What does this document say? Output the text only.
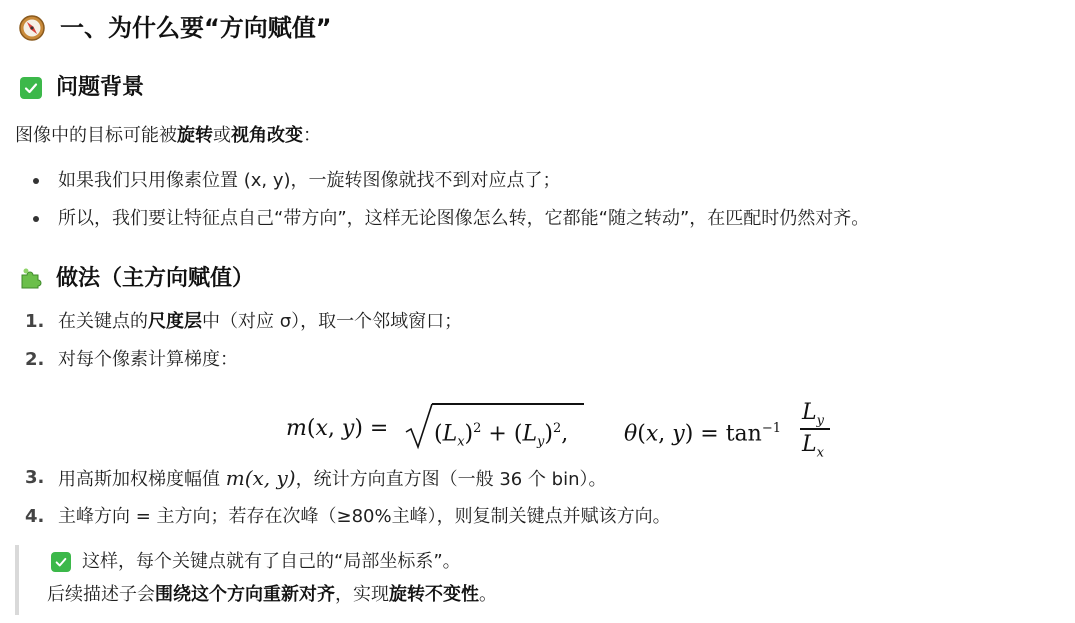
一、为什么要“方向赋值”
问题背景
图像中的目标可能被旋转或视角改变：
如果我们只用像素位置 (x, y)，一旋转图像就找不到对应点了；
所以，我们要让特征点自己“带方向”，这样无论图像怎么转，它都能“随之转动”，在匹配时仍然对齐。
做法（主方向赋值）
1. 在关键点的尺度层中（对应 σ），取一个邻域窗口；
2. 对每个像素计算梯度：
m(x, $y) = (L_x)^2 + (L_y)^2$,	θ(x, $y) = \tan^{-1}$
$L_y$
$L_x$
3. 用高斯加权梯度幅值 m(x, y)，统计方向直方图（一般 36 个 bin）。
4. 主峰方向 = 主方向；若存在次峰（≥80%主峰），则复制关键点并赋该方向。
这样，每个关键点就有了自己的“局部坐标系”。
后续描述子会围绕这个方向重新对齐，实现旋转不变性。
